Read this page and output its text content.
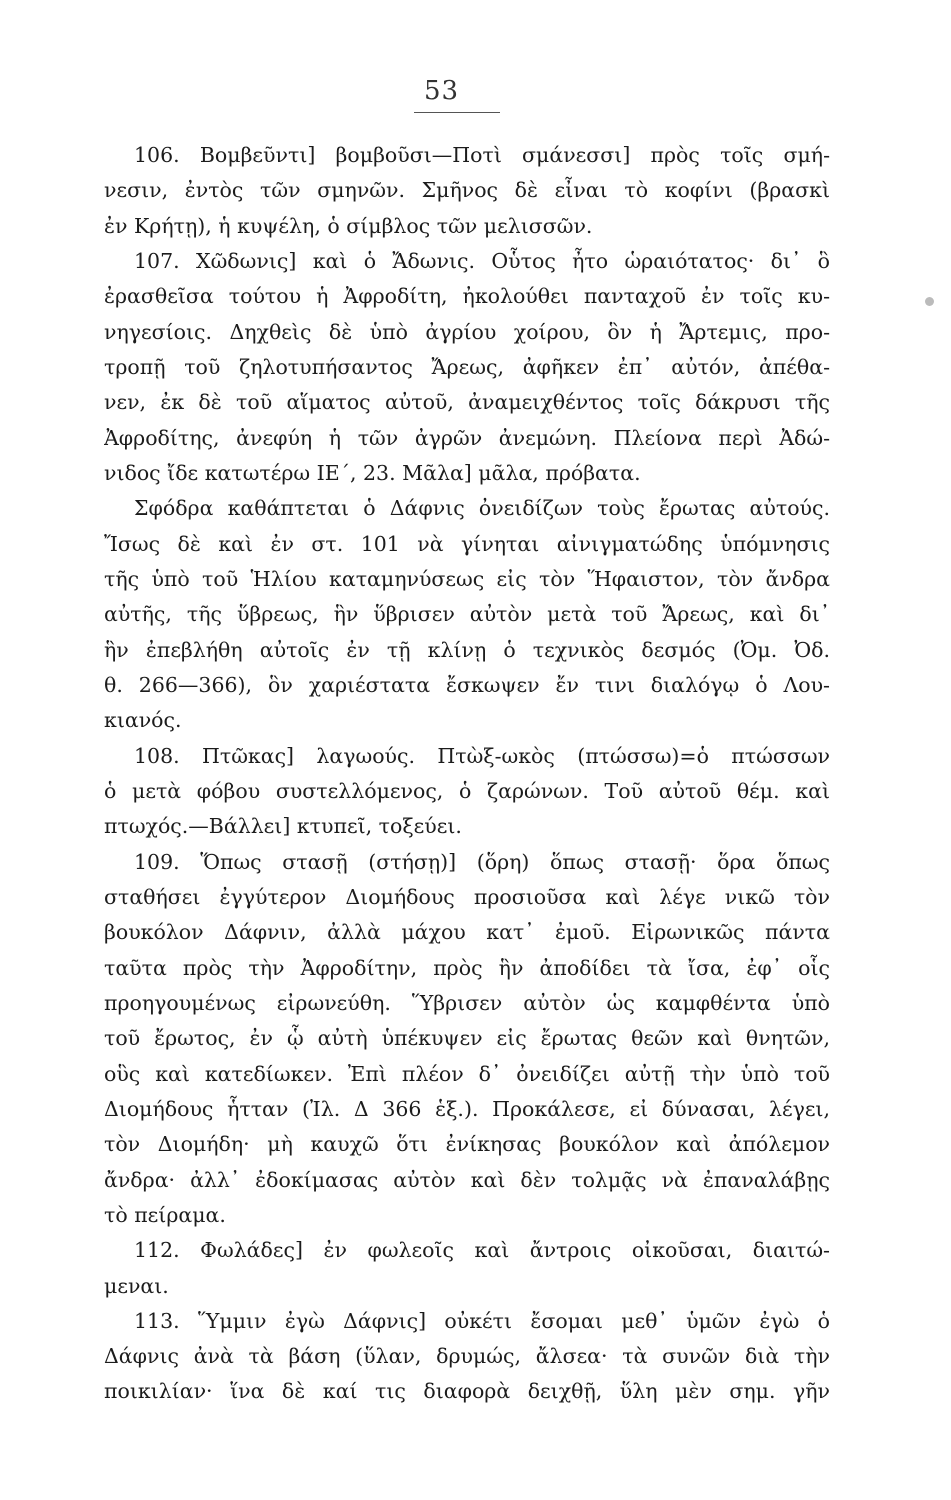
53
106. Βομβεῦντι] βομβοῦσι—Ποτὶ σμάνεσσι] πρὸς τοῖς σμή-
νεσιν, ἐντὸς τῶν σμηνῶν. Σμῆνος δὲ εἶναι τὸ κοφίνι (βρασκὶ
ἐν Κρήτῃ), ἡ κυψέλη, ὁ σίμβλος τῶν μελισσῶν.
107. Χῶδωνις] καὶ ὁ Ἄδωνις. Οὗτος ἦτο ὡραιότατος· δι᾽ ὃ
ἐρασθεῖσα τούτου ἡ Ἀφροδίτη, ἠκολούθει πανταχοῦ ἐν τοῖς κυ-
νηγεσίοις. Δηχθεὶς δὲ ὑπὸ ἀγρίου χοίρου, ὃν ἡ Ἄρτεμις, προ-
τροπῇ τοῦ ζηλοτυπήσαντος Ἄρεως, ἀφῆκεν ἐπ᾽ αὐτόν, ἀπέθα-
νεν, ἐκ δὲ τοῦ αἵματος αὐτοῦ, ἀναμειχθέντος τοῖς δάκρυσι τῆς
Ἀφροδίτης, ἀνεφύη ἡ τῶν ἀγρῶν ἀνεμώνη. Πλείονα περὶ Ἀδώ-
νιδος ἴδε κατωτέρω ΙΕ΄, 23. Μᾶλα] μᾶλα, πρόβατα.
Σφόδρα καθάπτεται ὁ Δάφνις ὀνειδίζων τοὺς ἔρωτας αὐτούς.
Ἴσως δὲ καὶ ἐν στ. 101 νὰ γίνηται αἰνιγματώδης ὑπόμνησις
τῆς ὑπὸ τοῦ Ἡλίου καταμηνύσεως εἰς τὸν Ἥφαιστον, τὸν ἄνδρα
αὐτῆς, τῆς ὕβρεως, ἣν ὕβρισεν αὐτὸν μετὰ τοῦ Ἄρεως, καὶ δι᾽
ἣν ἐπεβλήθη αὐτοῖς ἐν τῇ κλίνῃ ὁ τεχνικὸς δεσμός (Ὀμ. Ὀδ.
θ. 266—366), ὃν χαριέστατα ἔσκωψεν ἔν τινι διαλόγῳ ὁ Λου-
κιανός.
108. Πτῶκας] λαγωούς. Πτὼξ-ωκὸς (πτώσσω)=ὁ πτώσσων
ὁ μετὰ φόβου συστελλόμενος, ὁ ζαρώνων. Τοῦ αὐτοῦ θέμ. καὶ
πτωχός.—Βάλλει] κτυπεῖ, τοξεύει.
109. Ὅπως στασῇ (στήσῃ)] (ὅρη) ὅπως στασῇ· ὅρα ὅπως
σταθήσει ἐγγύτερον Διομήδους προσιοῦσα καὶ λέγε νικῶ τὸν
βουκόλον Δάφνιν, ἀλλὰ μάχου κατ᾽ ἐμοῦ. Εἰρωνικῶς πάντα
ταῦτα πρὸς τὴν Ἀφροδίτην, πρὸς ἣν ἀποδίδει τὰ ἴσα, ἐφ᾽ οἷς
προηγουμένως εἰρωνεύθη. Ὕβρισεν αὐτὸν ὡς καμφθέντα ὑπὸ
τοῦ ἔρωτος, ἐν ᾧ αὐτὴ ὑπέκυψεν εἰς ἔρωτας θεῶν καὶ θνητῶν,
οὓς καὶ κατεδίωκεν. Ἐπὶ πλέον δ᾽ ὀνειδίζει αὐτῇ τὴν ὑπὸ τοῦ
Διομήδους ἧτταν (Ἰλ. Δ 366 ἑξ.). Προκάλεσε, εἰ δύνασαι, λέγει,
τὸν Διομήδη· μὴ καυχῶ ὅτι ἐνίκησας βουκόλον καὶ ἀπόλεμον
ἄνδρα· ἀλλ᾽ ἐδοκίμασας αὐτὸν καὶ δὲν τολμᾷς νὰ ἐπαναλάβῃς
τὸ πείραμα.
112. Φωλάδες] ἐν φωλεοῖς καὶ ἄντροις οἰκοῦσαι, διαιτώ-
μεναι.
113. Ὕμμιν ἐγὼ Δάφνις] οὐκέτι ἔσομαι μεθ᾽ ὑμῶν ἐγὼ ὁ
Δάφνις ἀνὰ τὰ βάση (ὕλαν, δρυμώς, ἄλσεα· τὰ συνῶν διὰ τὴν
ποικιλίαν· ἵνα δὲ καί τις διαφορὰ δειχθῇ, ὕλη μὲν σημ. γῆν
